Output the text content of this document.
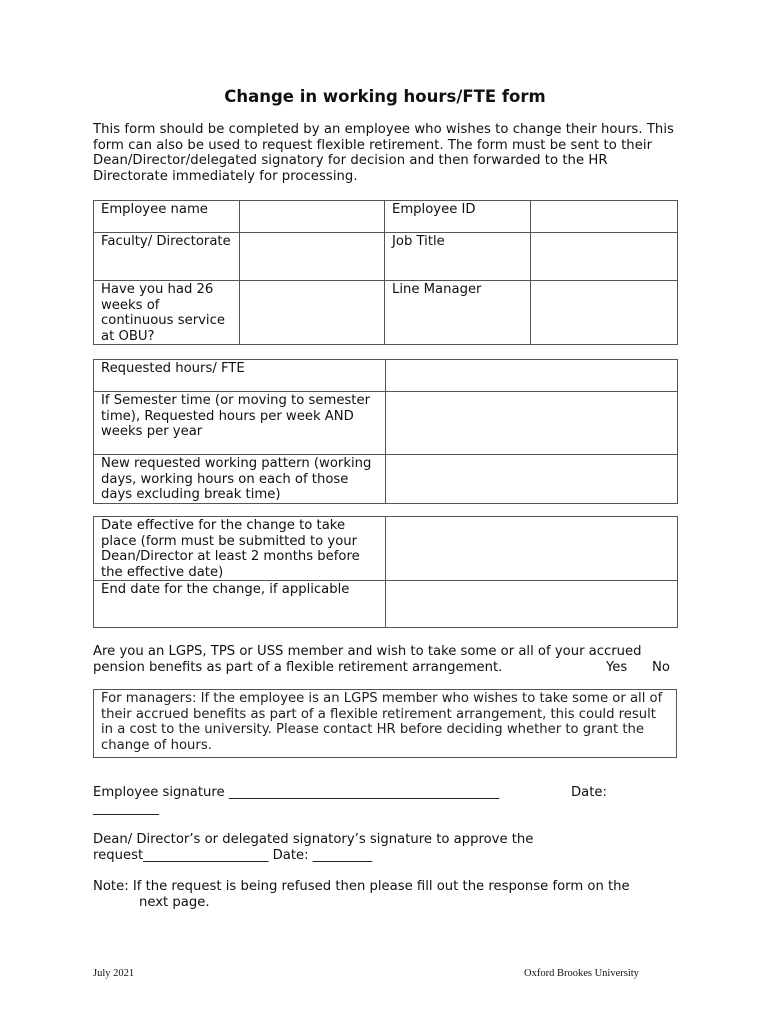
Change in working hours/FTE form
This form should be completed by an employee who wishes to change their hours. This form can also be used to request flexible retirement. The form must be sent to their Dean/Director/delegated signatory for decision and then forwarded to the HR Directorate immediately for processing.
Employee name		Employee ID	
Faculty/ Directorate		Job Title	
Have you had 26 weeks of continuous service at OBU?		Line Manager	
Requested hours/ FTE	
If Semester time (or moving to semester time), Requested hours per week AND weeks per year	
New requested working pattern (working days, working hours on each of those days excluding break time)	
Date effective for the change to take place (form must be submitted to your Dean/Director at least 2 months before the effective date)	
End date for the change, if applicable	
Are you an LGPS, TPS or USS member and wish to take some or all of your accrued pension benefits as part of a flexible retirement arrangement.	Yes No
For managers: If the employee is an LGPS member who wishes to take some or all of their accrued benefits as part of a flexible retirement arrangement, this could result in a cost to the university. Please contact HR before deciding whether to grant the change of hours.
Employee signature _________________________________________	Date:

__________
Dean/ Director’s or delegated signatory’s signature to approve the request___________________ Date: _________
Note: If the request is being refused then please fill out the response form on the
next page.
July 2021	Oxford Brookes University
